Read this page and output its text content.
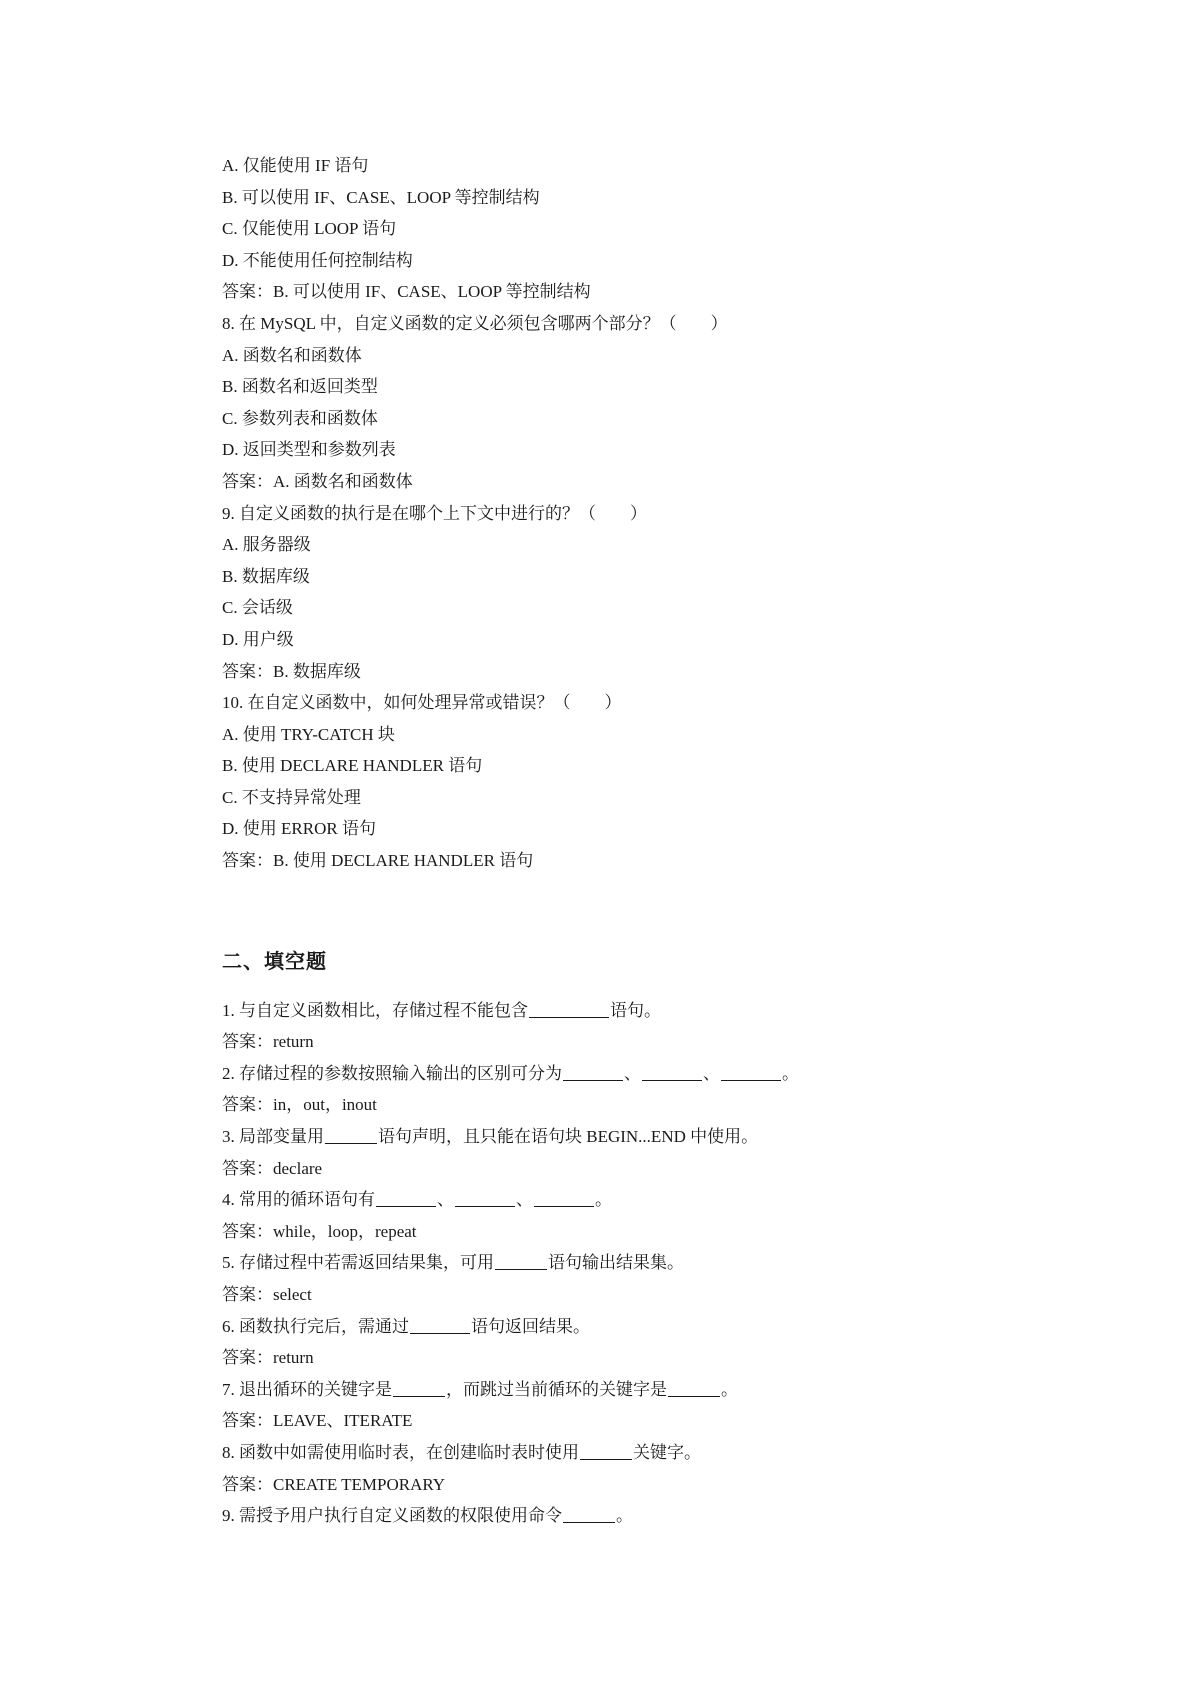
A. 仅能使用 IF 语句
B. 可以使用 IF、CASE、LOOP 等控制结构
C. 仅能使用 LOOP 语句
D. 不能使用任何控制结构
答案：B. 可以使用 IF、CASE、LOOP 等控制结构
8. 在 MySQL 中，自定义函数的定义必须包含哪两个部分？（　　）
A. 函数名和函数体
B. 函数名和返回类型
C. 参数列表和函数体
D. 返回类型和参数列表
答案：A. 函数名和函数体
9. 自定义函数的执行是在哪个上下文中进行的？（　　）
A. 服务器级
B. 数据库级
C. 会话级
D. 用户级
答案：B. 数据库级
10. 在自定义函数中，如何处理异常或错误？（　　）
A. 使用 TRY-CATCH 块
B. 使用 DECLARE HANDLER 语句
C. 不支持异常处理
D. 使用 ERROR 语句
答案：B. 使用 DECLARE HANDLER 语句
二、填空题
1. 与自定义函数相比，存储过程不能包含	语句。
答案：return
2. 存储过程的参数按照输入输出的区别可分为	、	、	。
答案：in，out，inout
3. 局部变量用	语句声明，且只能在语句块 BEGIN...END 中使用。
答案：declare
4. 常用的循环语句有	、	、	。
答案：while，loop，repeat
5. 存储过程中若需返回结果集，可用	语句输出结果集。
答案：select
6. 函数执行完后，需通过	语句返回结果。
答案：return
7. 退出循环的关键字是	，而跳过当前循环的关键字是	。
答案：LEAVE、ITERATE
8. 函数中如需使用临时表，在创建临时表时使用	关键字。
答案：CREATE TEMPORARY
9. 需授予用户执行自定义函数的权限使用命令	。
